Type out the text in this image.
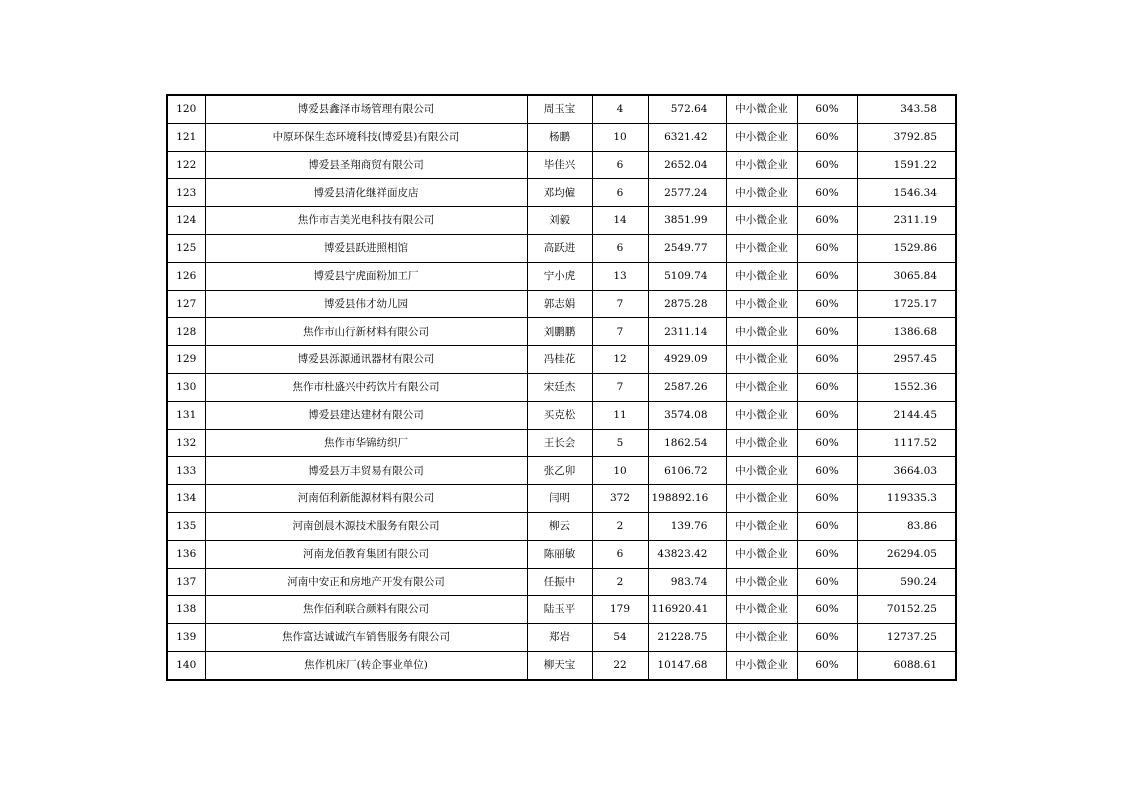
120	博爱县鑫泽市场管理有限公司	周玉宝	4	572.64	中小微企业	60%	343.58
121	中原环保生态环境科技(博爱县)有限公司	杨鹏	10	6321.42	中小微企业	60%	3792.85
122	博爱县圣翔商贸有限公司	毕佳兴	6	2652.04	中小微企业	60%	1591.22
123	博爱县清化继祥面皮店	邓均僱	6	2577.24	中小微企业	60%	1546.34
124	焦作市吉美光电科技有限公司	刘毅	14	3851.99	中小微企业	60%	2311.19
125	博爱县跃进照相馆	高跃进	6	2549.77	中小微企业	60%	1529.86
126	博爱县宁虎面粉加工厂	宁小虎	13	5109.74	中小微企业	60%	3065.84
127	博爱县伟才幼儿园	郭志娟	7	2875.28	中小微企业	60%	1725.17
128	焦作市山行新材料有限公司	刘鹏鹏	7	2311.14	中小微企业	60%	1386.68
129	博爱县泺源通讯器材有限公司	冯桂花	12	4929.09	中小微企业	60%	2957.45
130	焦作市杜盛兴中药饮片有限公司	宋廷杰	7	2587.26	中小微企业	60%	1552.36
131	博爱县建达建材有限公司	买克松	11	3574.08	中小微企业	60%	2144.45
132	焦作市华锦纺织厂	王长会	5	1862.54	中小微企业	60%	1117.52
133	博爱县万丰贸易有限公司	张乙卯	10	6106.72	中小微企业	60%	3664.03
134	河南佰利新能源材料有限公司	闫明	372	198892.16	中小微企业	60%	119335.3
135	河南创晨木源技术服务有限公司	柳云	2	139.76	中小微企业	60%	83.86
136	河南龙佰教育集团有限公司	陈丽敏	6	43823.42	中小微企业	60%	26294.05
137	河南中安正和房地产开发有限公司	任振中	2	983.74	中小微企业	60%	590.24
138	焦作佰利联合颜料有限公司	陆玉平	179	116920.41	中小微企业	60%	70152.25
139	焦作富达诚诚汽车销售服务有限公司	郑岩	54	21228.75	中小微企业	60%	12737.25
140	焦作机床厂(转企事业单位)	柳天宝	22	10147.68	中小微企业	60%	6088.61
